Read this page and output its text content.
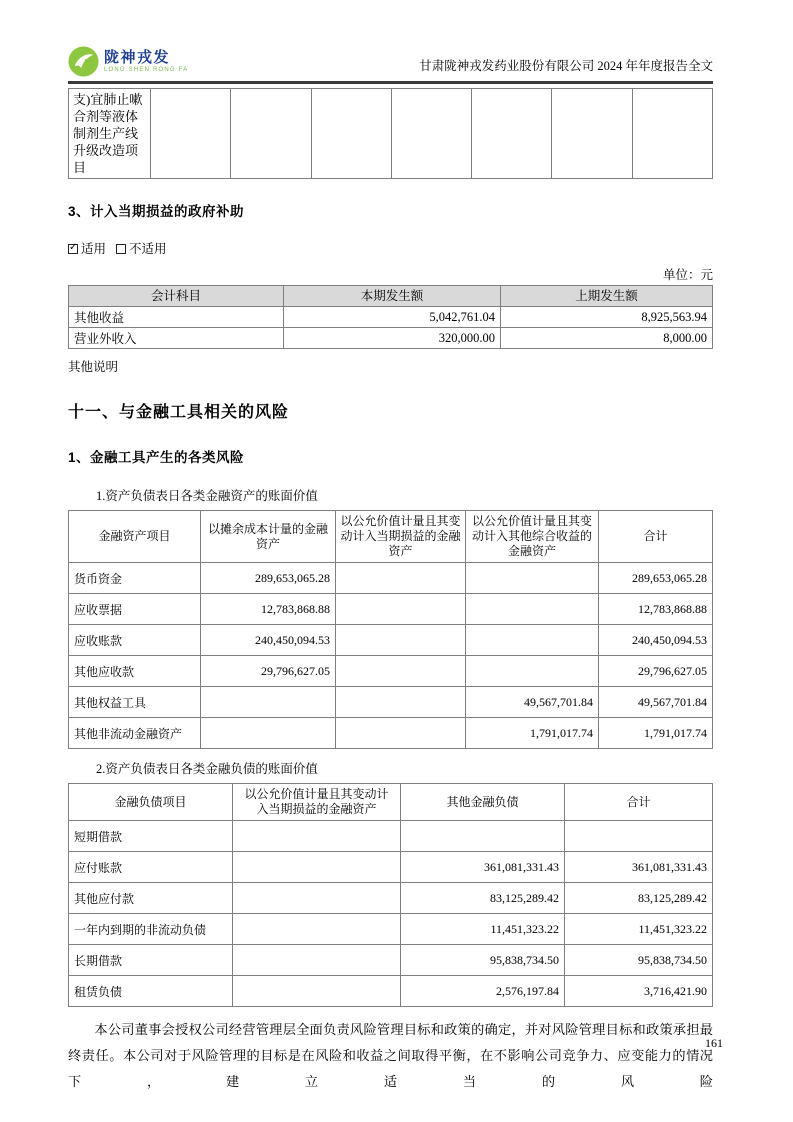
陇神戎发
LONG SHEN RONG FA	甘肃陇神戎发药业股份有限公司 2024 年年度报告全文
支)宜肺止嗽合剂等液体制剂生产线升级改造项目							
3、计入当期损益的政府补助
✓适用 不适用
单位：元
会计科目	本期发生额	上期发生额
其他收益	5,042,761.04	8,925,563.94
营业外收入	320,000.00	8,000.00
其他说明
十一、与金融工具相关的风险
1、金融工具产生的各类风险
1.资产负债表日各类金融资产的账面价值
金融资产项目	以摊余成本计量的金融资产	以公允价值计量且其变动计入当期损益的金融资产	以公允价值计量且其变动计入其他综合收益的金融资产	合计
货币资金	289,653,065.28			289,653,065.28
应收票据	12,783,868.88			12,783,868.88
应收账款	240,450,094.53			240,450,094.53
其他应收款	29,796,627.05			29,796,627.05
其他权益工具			49,567,701.84	49,567,701.84
其他非流动金融资产			1,791,017.74	1,791,017.74
2.资产负债表日各类金融负债的账面价值
金融负债项目	以公允价值计量且其变动计入当期损益的金融资产	其他金融负债	合计
短期借款			
应付账款		361,081,331.43	361,081,331.43
其他应付款		83,125,289.42	83,125,289.42
一年内到期的非流动负债		11,451,323.22	11,451,323.22
长期借款		95,838,734.50	95,838,734.50
租赁负债		2,576,197.84	3,716,421.90

本公司董事会授权公司经营管理层全面负责风险管理目标和政策的确定，并对风险管理目标和政策承担最终责任。本公司对于风险管理的目标是在风险和收益之间取得平衡，在不影响公司竞争力、应变能力的情况下，建立适当的风险

161
